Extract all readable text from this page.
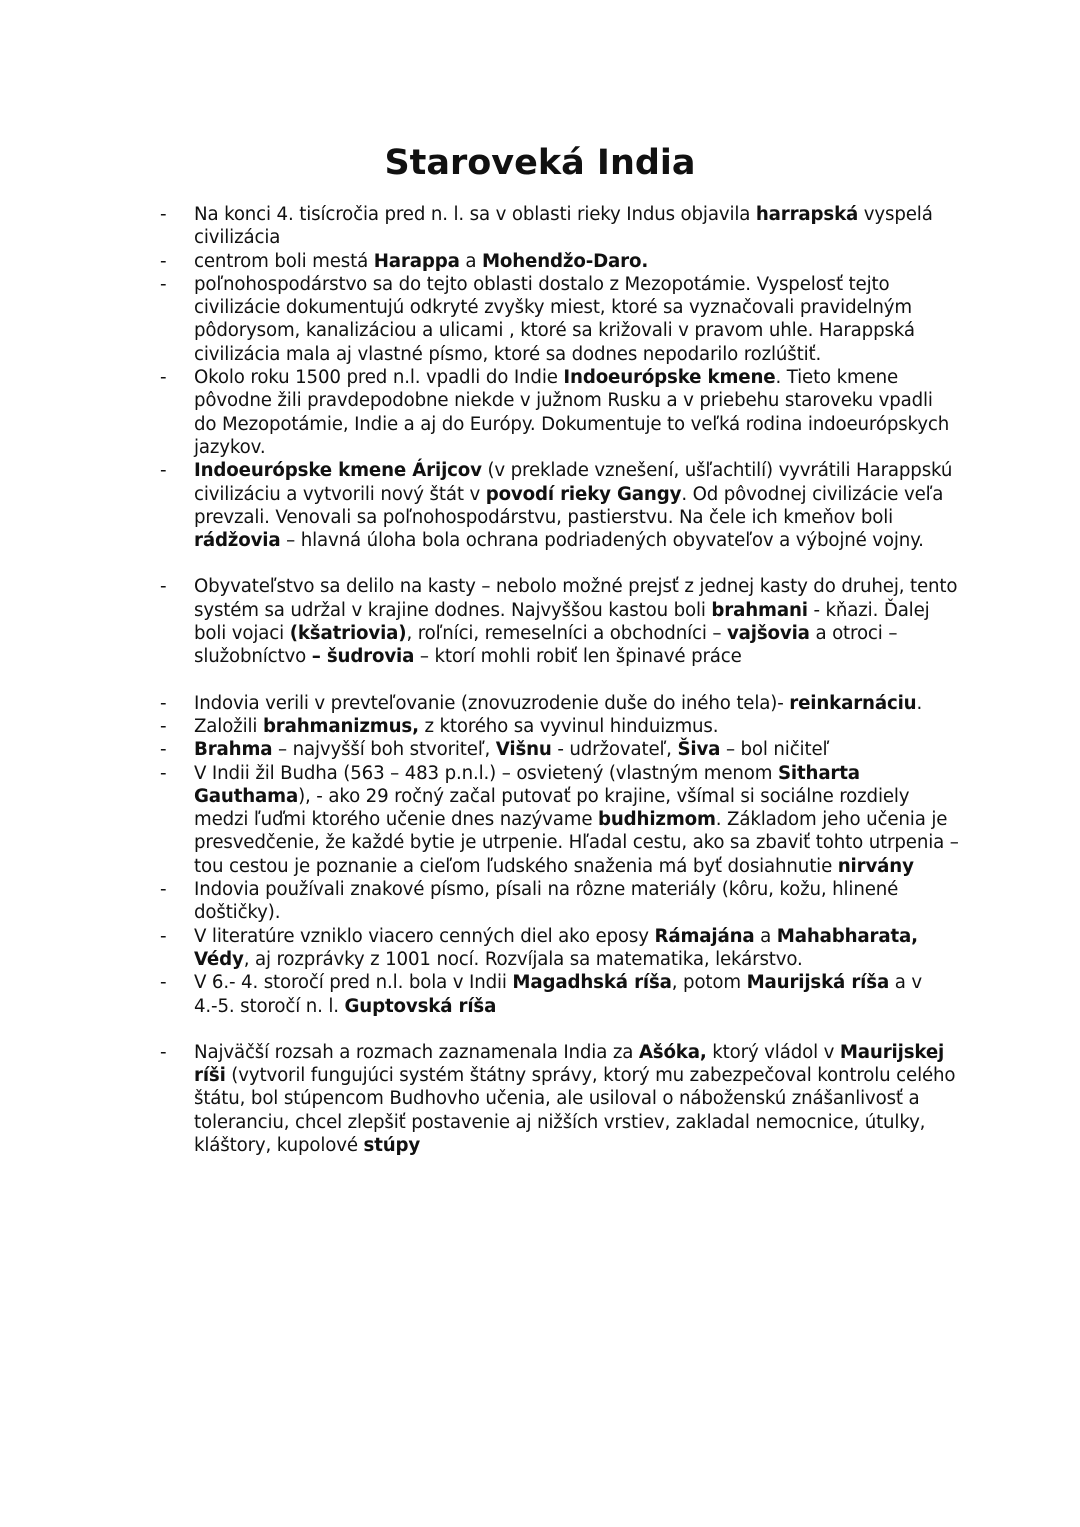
Staroveká India
-	Na konci 4. tisícročia pred n. l. sa v oblasti rieky Indus objavila harrapská vyspelá civilizácia
-	centrom boli mestá Harappa a Mohendžo-Daro.
-	poľnohospodárstvo sa do tejto oblasti dostalo z Mezopotámie. Vyspelosť tejto civilizácie dokumentujú odkryté zvyšky miest, ktoré sa vyznačovali pravidelným pôdorysom, kanalizáciou a ulicami , ktoré sa križovali v pravom uhle. Harappská civilizácia mala aj vlastné písmo, ktoré sa dodnes nepodarilo rozlúštiť.
-	Okolo roku 1500 pred n.l. vpadli do Indie Indoeurópske kmene. Tieto kmene pôvodne žili pravdepodobne niekde v južnom Rusku a v priebehu staroveku vpadli do Mezopotámie, Indie a aj do Európy. Dokumentuje to veľká rodina indoeurópskych jazykov.
-	Indoeurópske kmene Árijcov (v preklade vznešení, ušľachtilí) vyvrátili Harappskú civilizáciu a vytvorili nový štát v povodí rieky Gangy. Od pôvodnej civilizácie veľa prevzali. Venovali sa poľnohospodárstvu, pastierstvu. Na čele ich kmeňov boli rádžovia – hlavná úloha bola ochrana podriadených obyvateľov a výbojné vojny.
-	Obyvateľstvo sa delilo na kasty – nebolo možné prejsť z jednej kasty do druhej, tento systém sa udržal v krajine dodnes. Najvyššou kastou boli brahmani - kňazi. Ďalej boli vojaci (kšatriovia), roľníci, remeselníci a obchodníci – vajšovia a otroci – služobníctvo – šudrovia – ktorí mohli robiť len špinavé práce
-	Indovia verili v prevteľovanie (znovuzrodenie duše do iného tela)- reinkarnáciu.
-	Založili brahmanizmus, z ktorého sa vyvinul hinduizmus.
-	Brahma – najvyšší boh stvoriteľ, Višnu - udržovateľ, Šiva – bol ničiteľ
-	V Indii žil Budha (563 – 483 p.n.l.) – osvietený (vlastným menom Sitharta Gauthama), - ako 29 ročný začal putovať po krajine, všímal si sociálne rozdiely medzi ľuďmi ktorého učenie dnes nazývame budhizmom. Základom jeho učenia je presvedčenie, že každé bytie je utrpenie. Hľadal cestu, ako sa zbaviť tohto utrpenia – tou cestou je poznanie a cieľom ľudského snaženia má byť dosiahnutie nirvány
-	Indovia používali znakové písmo, písali na rôzne materiály (kôru, kožu, hlinené doštičky).
-	V literatúre vzniklo viacero cenných diel ako eposy Rámajána a Mahabharata, Védy, aj rozprávky z 1001 nocí. Rozvíjala sa matematika, lekárstvo.
-	V 6.- 4. storočí pred n.l. bola v Indii Magadhská ríša, potom Maurijská ríša a v 4.-5. storočí n. l. Guptovská ríša
-	Najväčší rozsah a rozmach zaznamenala India za Ašóka, ktorý vládol v Maurijskej ríši (vytvoril fungujúci systém štátny správy, ktorý mu zabezpečoval kontrolu celého štátu, bol stúpencom Budhovho učenia, ale usiloval o náboženskú znášanlivosť a toleranciu, chcel zlepšiť postavenie aj nižších vrstiev, zakladal nemocnice, útulky, kláštory, kupolové stúpy
